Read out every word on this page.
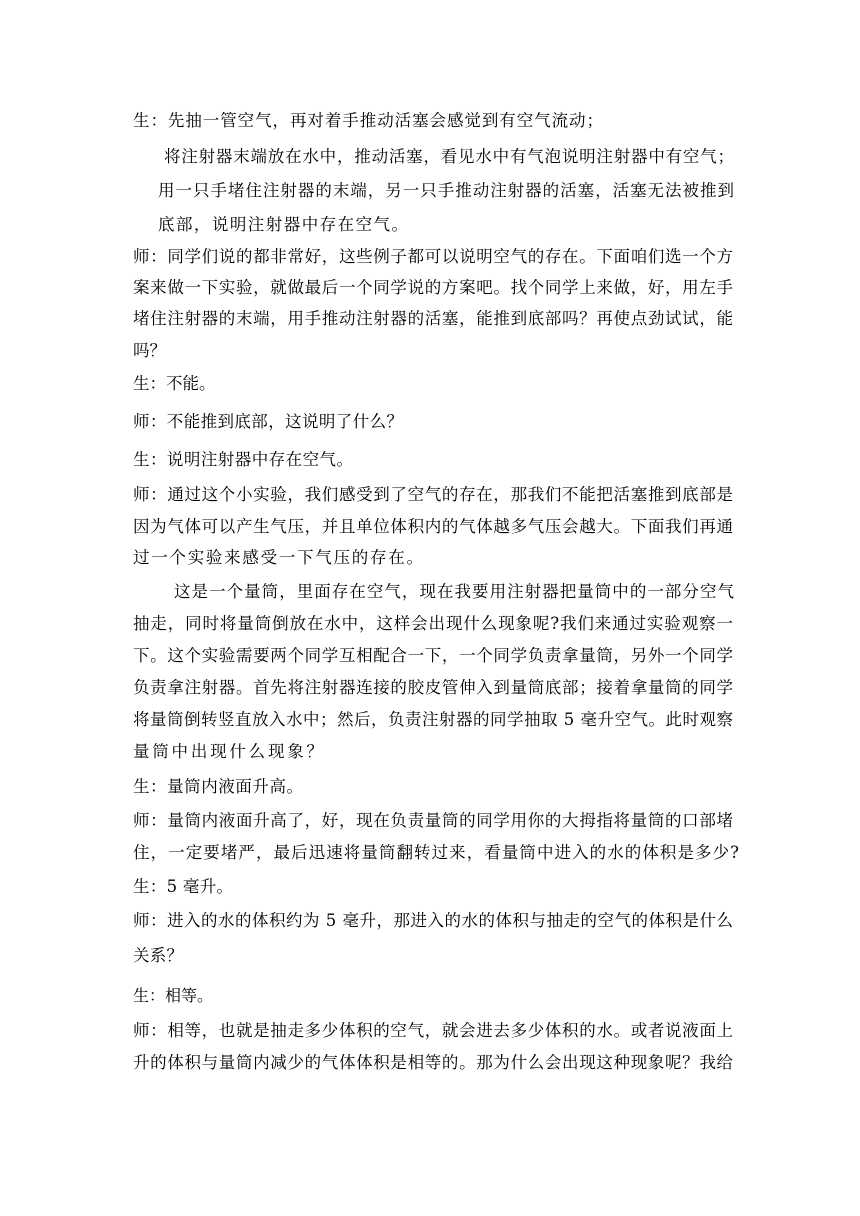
生：先抽一管空气，再对着手推动活塞会感觉到有空气流动；
将注射器末端放在水中，推动活塞，看见水中有气泡说明注射器中有空气；
用一只手堵住注射器的末端，另一只手推动注射器的活塞，活塞无法被推到
底部，说明注射器中存在空气。
师：同学们说的都非常好，这些例子都可以说明空气的存在。下面咱们选一个方
案来做一下实验，就做最后一个同学说的方案吧。找个同学上来做，好，用左手
堵住注射器的末端，用手推动注射器的活塞，能推到底部吗？再使点劲试试，能
吗？
生：不能。
师：不能推到底部，这说明了什么？
生：说明注射器中存在空气。
师：通过这个小实验，我们感受到了空气的存在，那我们不能把活塞推到底部是
因为气体可以产生气压，并且单位体积内的气体越多气压会越大。下面我们再通
过一个实验来感受一下气压的存在。
这是一个量筒，里面存在空气，现在我要用注射器把量筒中的一部分空气
抽走，同时将量筒倒放在水中，这样会出现什么现象呢?我们来通过实验观察一
下。这个实验需要两个同学互相配合一下，一个同学负责拿量筒，另外一个同学
负责拿注射器。首先将注射器连接的胶皮管伸入到量筒底部；接着拿量筒的同学
将量筒倒转竖直放入水中；然后，负责注射器的同学抽取 5 毫升空气。此时观察
量筒中出现什么现象？
生：量筒内液面升高。
师：量筒内液面升高了，好，现在负责量筒的同学用你的大拇指将量筒的口部堵
住，一定要堵严，最后迅速将量筒翻转过来，看量筒中进入的水的体积是多少?
生：5 毫升。
师：进入的水的体积约为 5 毫升，那进入的水的体积与抽走的空气的体积是什么
关系？
生：相等。
师：相等，也就是抽走多少体积的空气，就会进去多少体积的水。或者说液面上
升的体积与量筒内减少的气体体积是相等的。那为什么会出现这种现象呢？我给
